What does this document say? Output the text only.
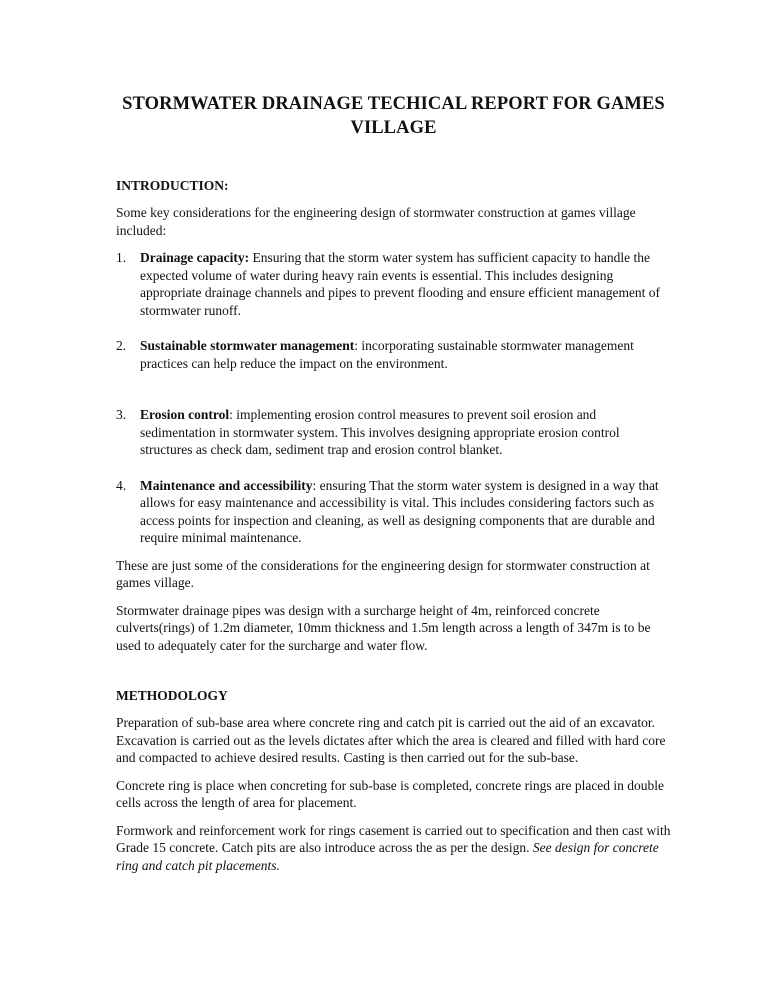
STORMWATER DRAINAGE TECHICAL REPORT FOR GAMES VILLAGE
INTRODUCTION:

Some key considerations for the engineering design of stormwater construction at games village included:

1. Drainage capacity: Ensuring that the storm water system has sufficient capacity to handle the expected volume of water during heavy rain events is essential. This includes designing appropriate drainage channels and pipes to prevent flooding and ensure efficient management of stormwater runoff.
2. Sustainable stormwater management: incorporating sustainable stormwater management practices can help reduce the impact on the environment.
3. Erosion control: implementing erosion control measures to prevent soil erosion and sedimentation in stormwater system. This involves designing appropriate erosion control structures as check dam, sediment trap and erosion control blanket.
4. Maintenance and accessibility: ensuring That the storm water system is designed in a way that allows for easy maintenance and accessibility is vital. This includes considering factors such as access points for inspection and cleaning, as well as designing components that are durable and require minimal maintenance.

These are just some of the considerations for the engineering design for stormwater construction at games village.

Stormwater drainage pipes was design with a surcharge height of 4m, reinforced concrete culverts(rings) of 1.2m diameter, 10mm thickness and 1.5m length across a length of 347m is to be used to adequately cater for the surcharge and water flow.

METHODOLOGY

Preparation of sub-base area where concrete ring and catch pit is carried out the aid of an excavator. Excavation is carried out as the levels dictates after which the area is cleared and filled with hard core and compacted to achieve desired results. Casting is then carried out for the sub-base.

Concrete ring is place when concreting for sub-base is completed, concrete rings are placed in double cells across the length of area for placement.

Formwork and reinforcement work for rings casement is carried out to specification and then cast with Grade 15 concrete. Catch pits are also introduce across the as per the design. See design for concrete ring and catch pit placements.
